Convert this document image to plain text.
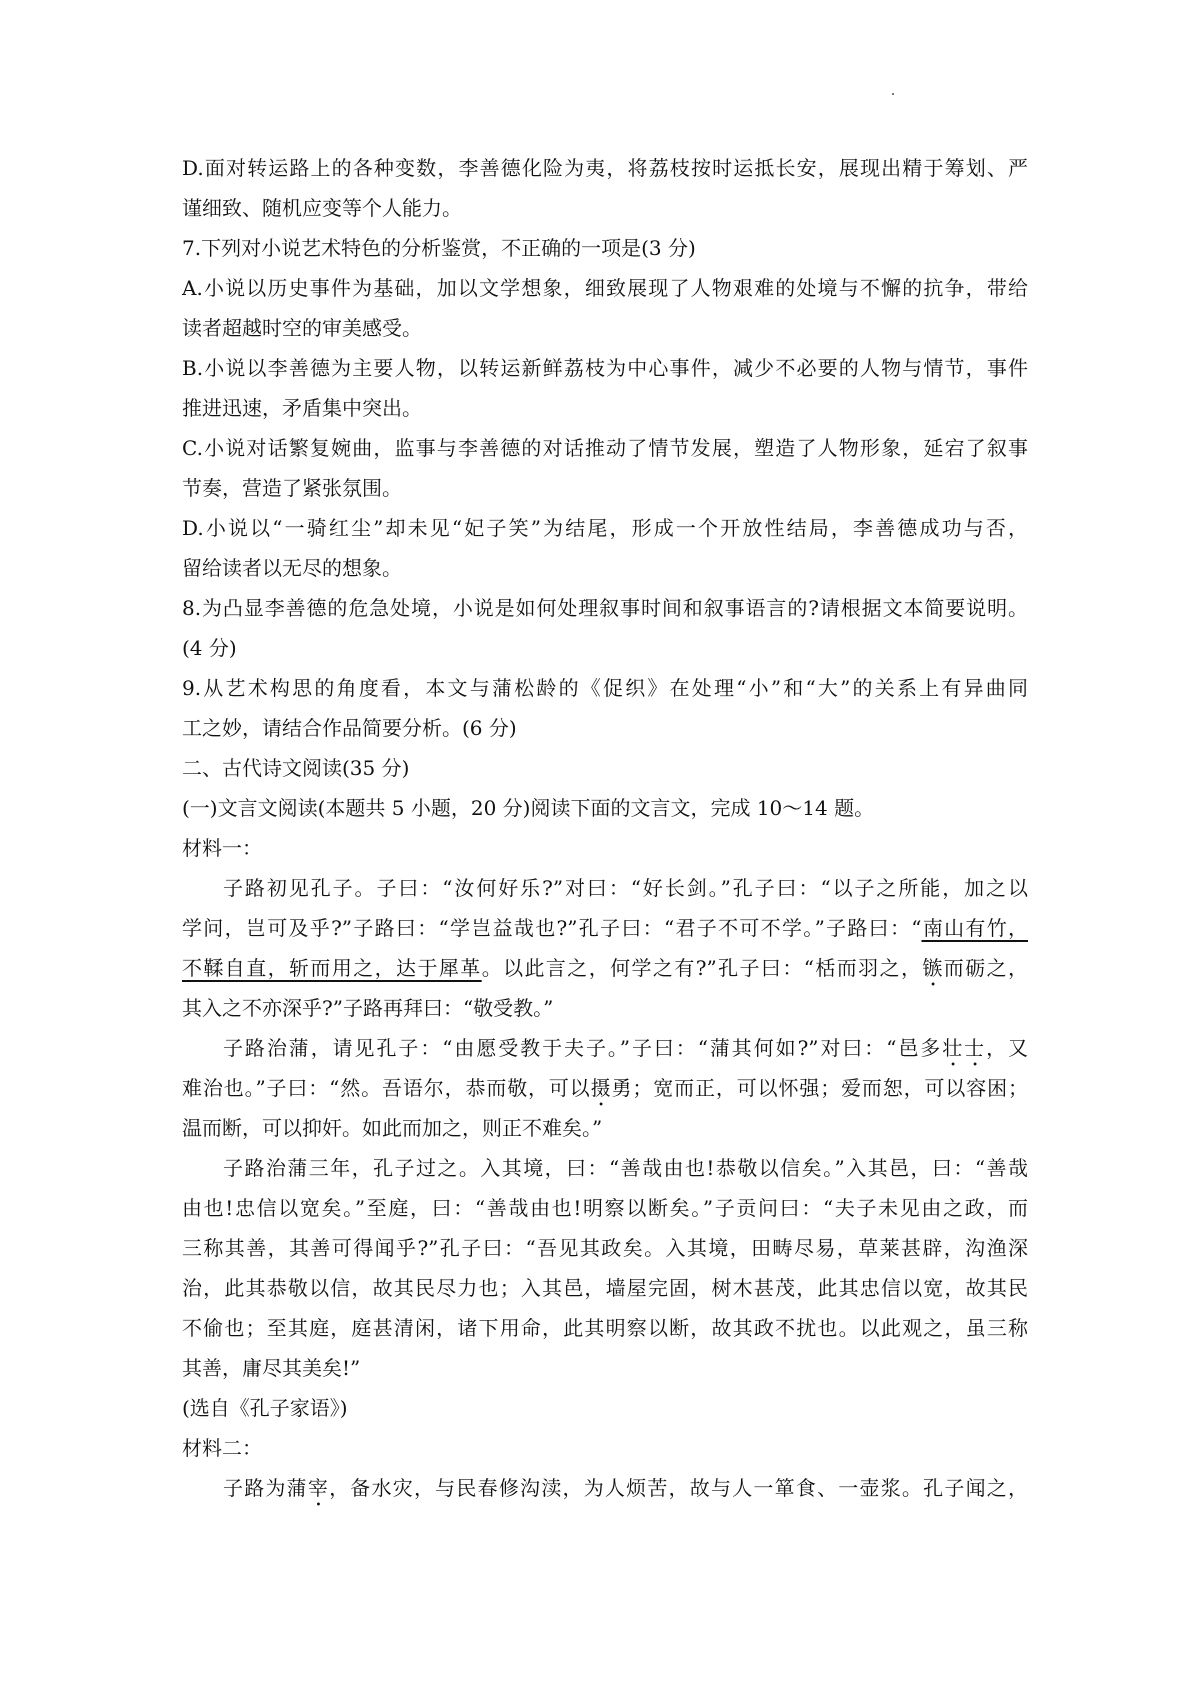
D.面对转运路上的各种变数，李善德化险为夷，将荔枝按时运抵长安，展现出精于筹划、严
谨细致、随机应变等个人能力。
7.下列对小说艺术特色的分析鉴赏，不正确的一项是(3 分)
A.小说以历史事件为基础，加以文学想象，细致展现了人物艰难的处境与不懈的抗争，带给
读者超越时空的审美感受。
B.小说以李善德为主要人物，以转运新鲜荔枝为中心事件，减少不必要的人物与情节，事件
推进迅速，矛盾集中突出。
C.小说对话繁复婉曲，监事与李善德的对话推动了情节发展，塑造了人物形象，延宕了叙事
节奏，营造了紧张氛围。
D.小说以“一骑红尘”却未见“妃子笑”为结尾，形成一个开放性结局，李善德成功与否，
留给读者以无尽的想象。
8.为凸显李善德的危急处境，小说是如何处理叙事时间和叙事语言的?请根据文本简要说明。
(4 分)
9.从艺术构思的角度看，本文与蒲松龄的《促织》在处理“小”和“大”的关系上有异曲同
工之妙，请结合作品简要分析。(6 分)
二、古代诗文阅读(35 分)
(一)文言文阅读(本题共 5 小题，20 分)阅读下面的文言文，完成 10～14 题。
材料一：
子路初见孔子。子曰：“汝何好乐?”对曰：“好长剑。”孔子曰：“以子之所能，加之以
学问，岂可及乎?”子路曰：“学岂益哉也?”孔子曰：“君子不可不学。”子路曰：“南山有竹，
不鞣自直，斩而用之，达于犀革。以此言之，何学之有?”孔子曰：“栝而羽之，镞而砺之，
其入之不亦深乎?”子路再拜曰：“敬受教。”
子路治蒲，请见孔子：“由愿受教于夫子。”子曰：“蒲其何如?”对曰：“邑多壮士，又
难治也。”子曰：“然。吾语尔，恭而敬，可以摄勇；宽而正，可以怀强；爱而恕，可以容困；
温而断，可以抑奸。如此而加之，则正不难矣。”
子路治蒲三年，孔子过之。入其境，曰：“善哉由也!恭敬以信矣。”入其邑，曰：“善哉
由也!忠信以宽矣。”至庭，曰：“善哉由也!明察以断矣。”子贡问曰：“夫子未见由之政，而
三称其善，其善可得闻乎?”孔子曰：“吾见其政矣。入其境，田畴尽易，草莱甚辟，沟渔深
治，此其恭敬以信，故其民尽力也；入其邑，墙屋完固，树木甚茂，此其忠信以宽，故其民
不偷也；至其庭，庭甚清闲，诸下用命，此其明察以断，故其政不扰也。以此观之，虽三称
其善，庸尽其美矣!”
(选自《孔子家语》)
材料二：
子路为蒲宰，备水灾，与民春修沟渎，为人烦苦，故与人一箪食、一壶浆。孔子闻之，
